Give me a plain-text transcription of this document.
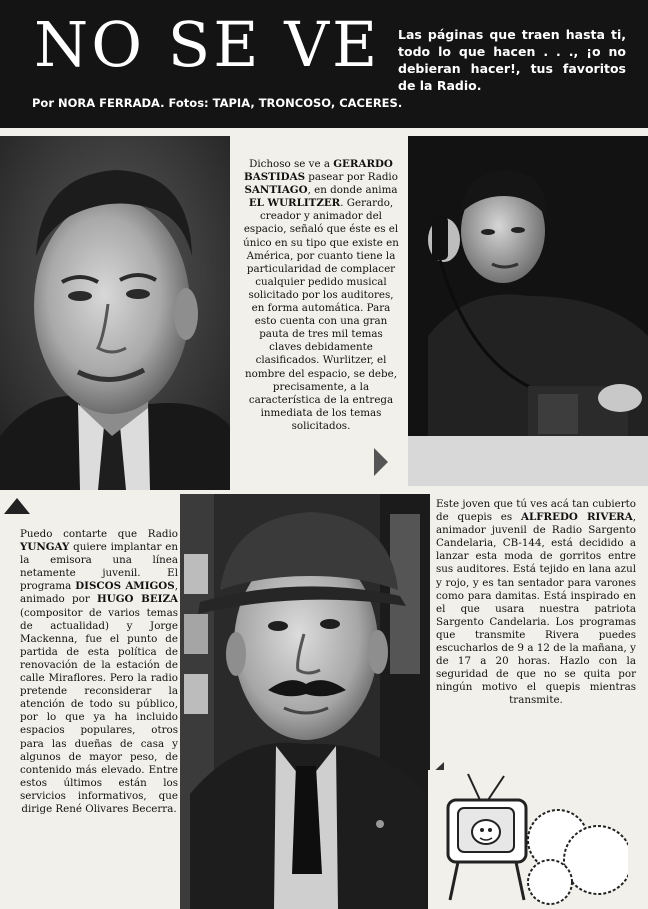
NO SE VE
Por NORA FERRADA. Fotos: TAPIA, TRONCOSO, CACERES.
Las páginas que traen hasta ti, todo lo que hacen . . ., ¡o no debieran hacer!, tus favoritos de la Radio.
Dichoso se ve a GERARDO BASTIDAS pasear por Radio SANTIAGO, en donde anima EL WURLITZER. Gerardo, creador y animador del espacio, señaló que éste es el único en su tipo que existe en América, por cuanto tiene la particularidad de complacer cualquier pedido musical solicitado por los auditores, en forma automática. Para esto cuenta con una gran pauta de tres mil temas claves debidamente clasificados. Wurlitzer, el nombre del espacio, se debe, precisamente, a la característica de la entrega inmediata de los temas solicitados.
Puedo contarte que Radio YUNGAY quiere implantar en la emisora una línea netamente juvenil. El programa DISCOS AMIGOS, animado por HUGO BEIZA (compositor de varios temas de actualidad) y Jorge Mackenna, fue el punto de partida de esta política de renovación de la estación de calle Miraflores. Pero la radio pretende reconsiderar la atención de todo su público, por lo que ya ha incluido espacios populares, otros para las dueñas de casa y algunos de mayor peso, de contenido más elevado. Entre estos últimos están los servicios informativos, que dirige René Olivares Becerra.
Este joven que tú ves acá tan cubierto de quepis es ALFREDO RIVERA, animador juvenil de Radio Sargento Candelaria, CB-144, está decidido a lanzar esta moda de gorritos entre sus auditores. Está tejido en lana azul y rojo, y es tan sentador para varones como para damitas. Está inspirado en el que usara nuestra patriota Sargento Candelaria. Los programas que transmite Rivera puedes escucharlos de 9 a 12 de la mañana, y de 17 a 20 horas. Hazlo con la seguridad de que no se quita por ningún motivo el quepis mientras transmite.
